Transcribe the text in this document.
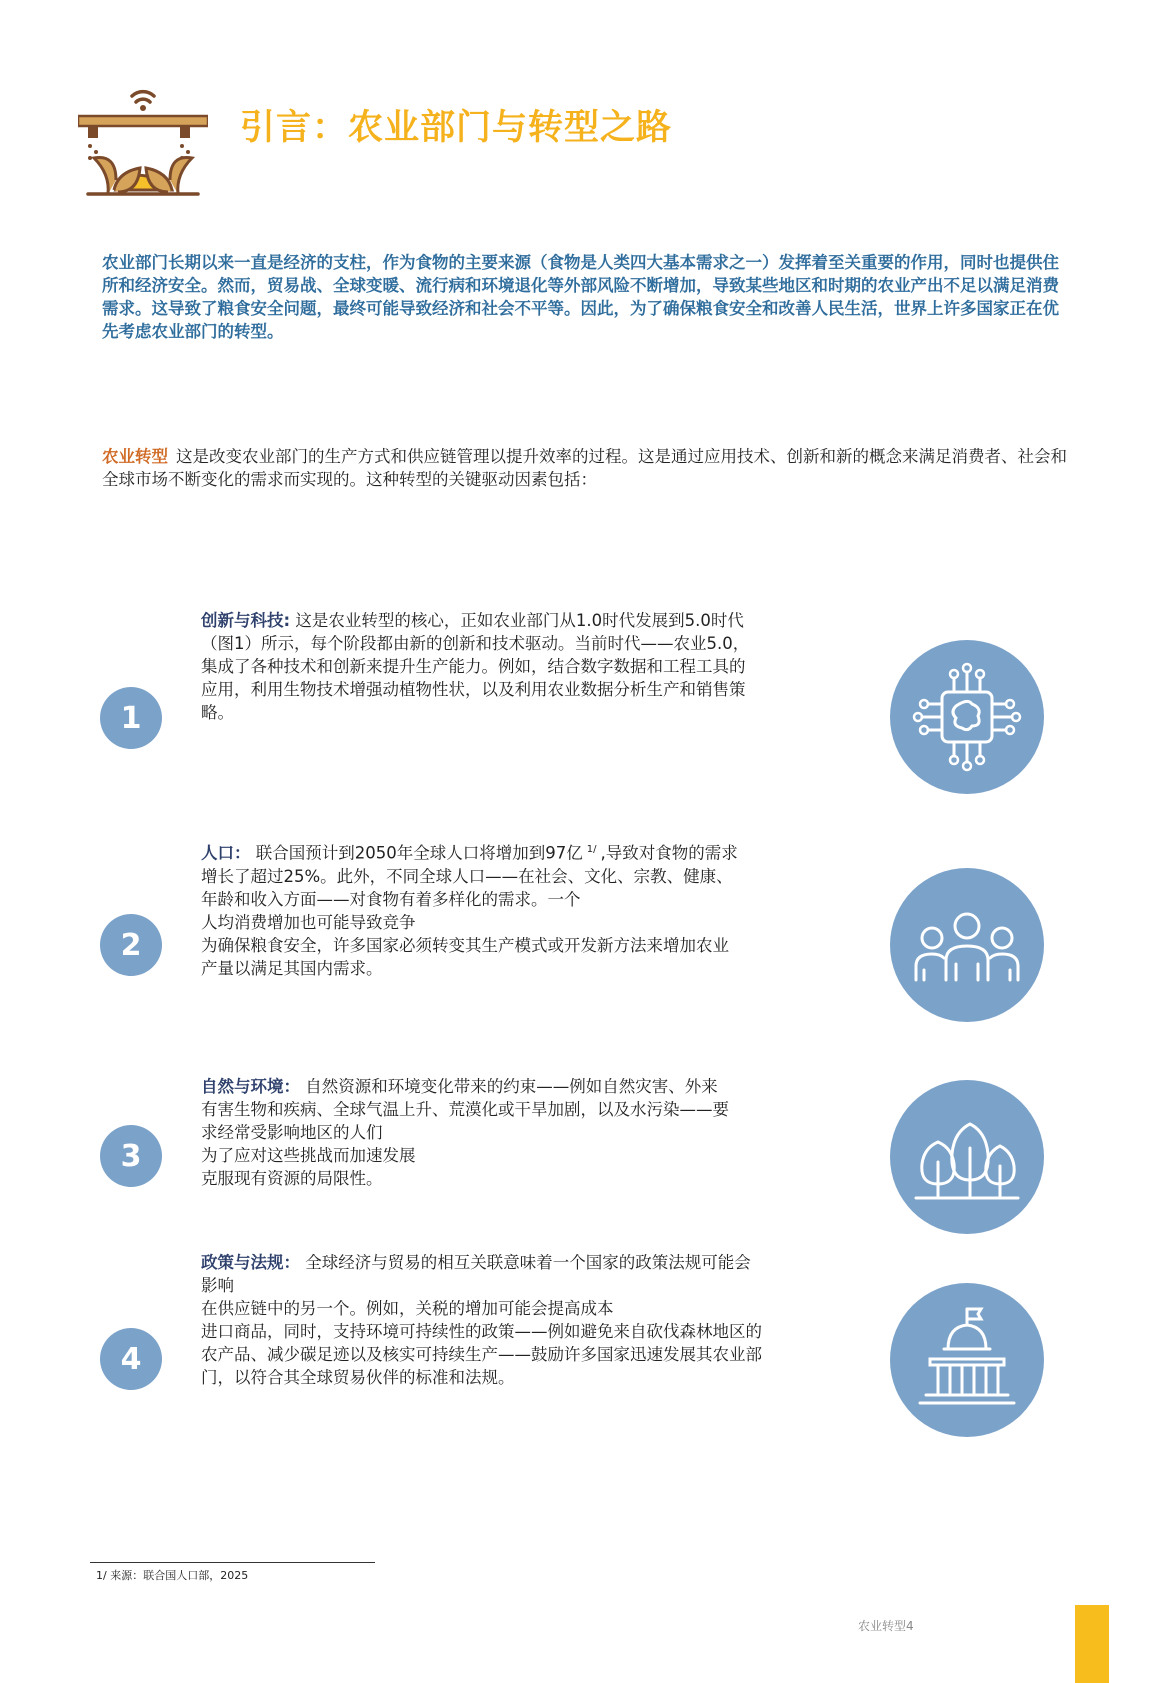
引言：农业部门与转型之路
农业部门长期以来一直是经济的支柱，作为食物的主要来源（食物是人类四大基本需求之一）发挥着至关重要的作用，同时也提供住所和经济安全。然而，贸易战、全球变暖、流行病和环境退化等外部风险不断增加，导致某些地区和时期的农业产出不足以满足消费需求。这导致了粮食安全问题，最终可能导致经济和社会不平等。因此，为了确保粮食安全和改善人民生活，世界上许多国家正在优先考虑农业部门的转型。
农业转型 这是改变农业部门的生产方式和供应链管理以提升效率的过程。这是通过应用技术、创新和新的概念来满足消费者、社会和全球市场不断变化的需求而实现的。这种转型的关键驱动因素包括：
创新与科技: 这是农业转型的核心，正如农业部门从1.0时代发展到5.0时代
（图1）所示，每个阶段都由新的创新和技术驱动。当前时代——农业5.0，
集成了各种技术和创新来提升生产能力。例如，结合数字数据和工程工具的
应用，利用生物技术增强动植物性状，以及利用农业数据分析生产和销售策
略。
1
人口： 联合国预计到2050年全球人口将增加到97亿 $^{1/}$ ,导致对食物的需求
增长了超过25%。此外，不同全球人口——在社会、文化、宗教、健康、
年龄和收入方面——对食物有着多样化的需求。一个
人均消费增加也可能导致竞争
为确保粮食安全，许多国家必须转变其生产模式或开发新方法来增加农业
产量以满足其国内需求。
2
自然与环境： 自然资源和环境变化带来的约束——例如自然灾害、外来
有害生物和疾病、全球气温上升、荒漠化或干旱加剧，以及水污染——要
求经常受影响地区的人们
为了应对这些挑战而加速发展
克服现有资源的局限性。
3
政策与法规： 全球经济与贸易的相互关联意味着一个国家的政策法规可能会
影响
在供应链中的另一个。例如，关税的增加可能会提高成本
进口商品，同时，支持环境可持续性的政策——例如避免来自砍伐森林地区的
农产品、减少碳足迹以及核实可持续生产——鼓励许多国家迅速发展其农业部
门，以符合其全球贸易伙伴的标准和法规。
4
1/ 来源：联合国人口部，2025
农业转型4
